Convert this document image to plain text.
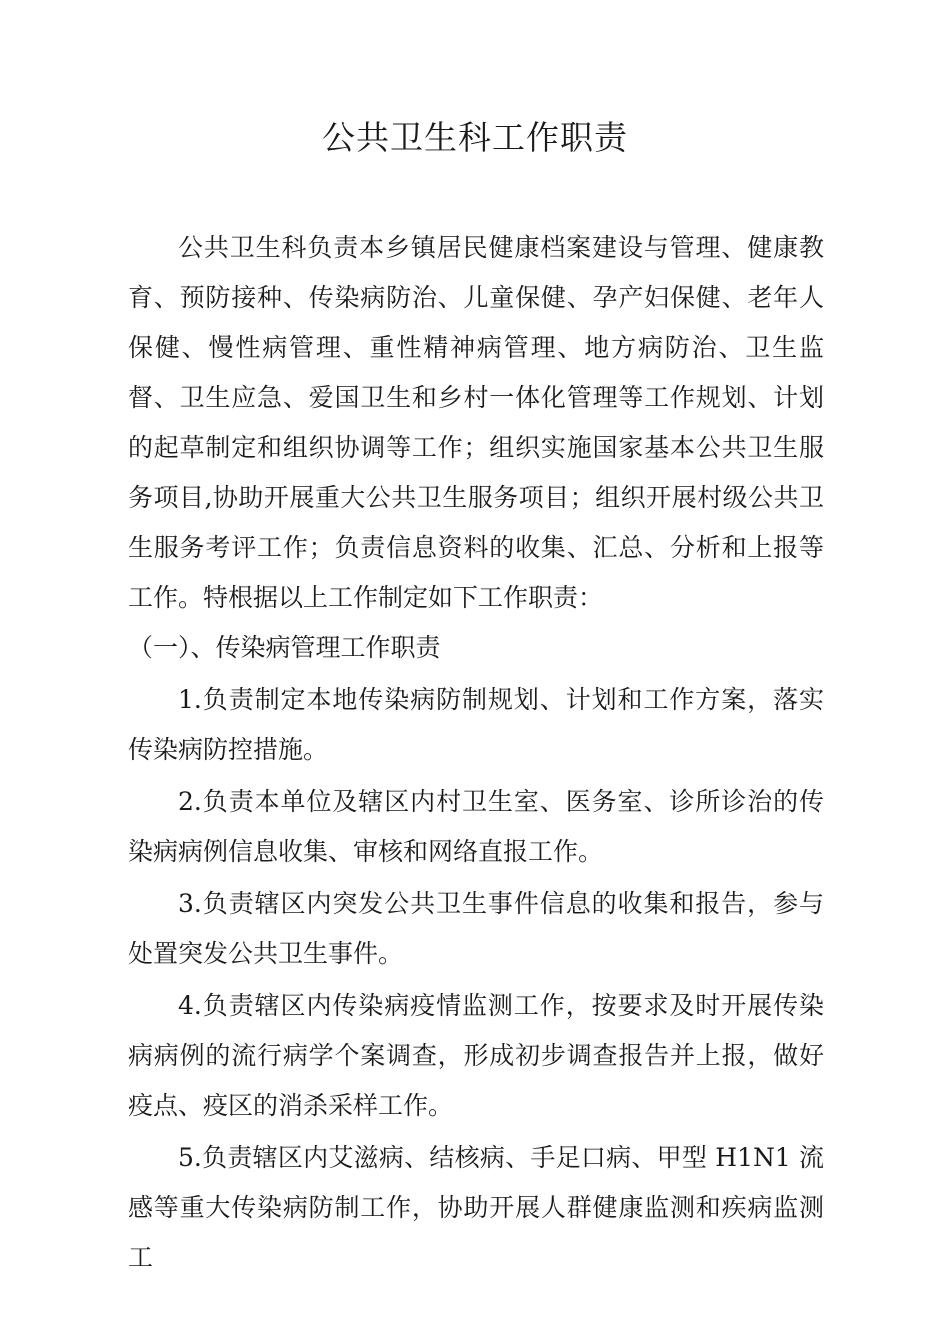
公共卫生科工作职责

公共卫生科负责本乡镇居民健康档案建设与管理、健康教育、预防接种、传染病防治、儿童保健、孕产妇保健、老年人保健、慢性病管理、重性精神病管理、地方病防治、卫生监督、卫生应急、爱国卫生和乡村一体化管理等工作规划、计划的起草制定和组织协调等工作；组织实施国家基本公共卫生服务项目,协助开展重大公共卫生服务项目；组织开展村级公共卫生服务考评工作；负责信息资料的收集、汇总、分析和上报等工作。特根据以上工作制定如下工作职责：

（一）、传染病管理工作职责

1.负责制定本地传染病防制规划、计划和工作方案，落实传染病防控措施。

2.负责本单位及辖区内村卫生室、医务室、诊所诊治的传染病病例信息收集、审核和网络直报工作。

3.负责辖区内突发公共卫生事件信息的收集和报告，参与处置突发公共卫生事件。

4.负责辖区内传染病疫情监测工作，按要求及时开展传染病病例的流行病学个案调查，形成初步调查报告并上报，做好疫点、疫区的消杀采样工作。

5.负责辖区内艾滋病、结核病、手足口病、甲型 H1N1 流感等重大传染病防制工作，协助开展人群健康监测和疾病监测工
